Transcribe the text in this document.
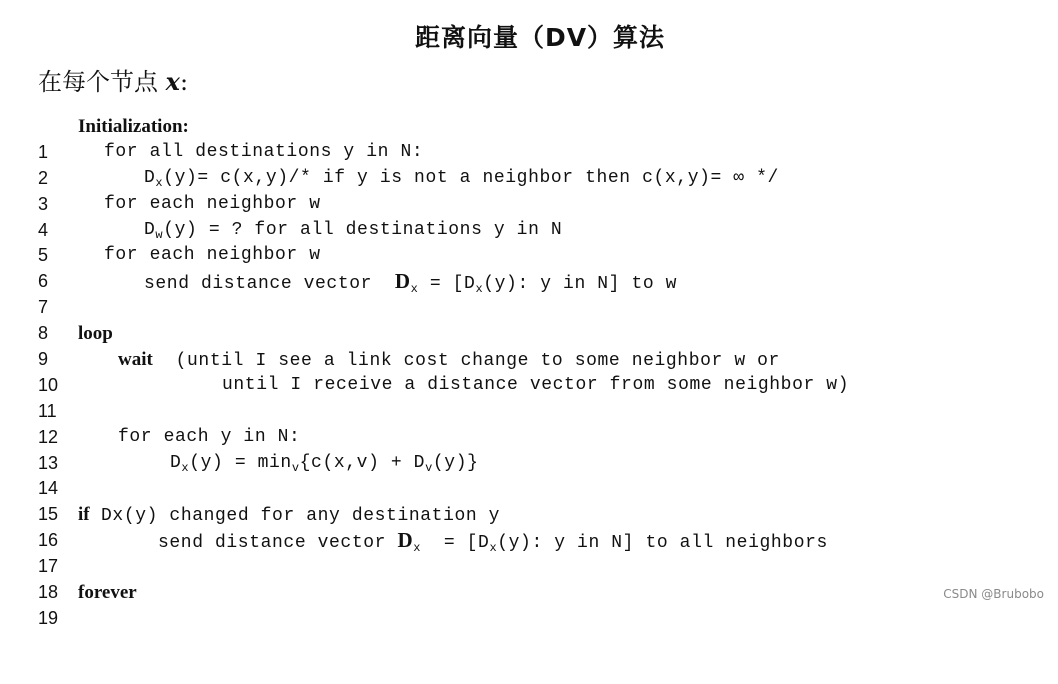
距离向量（DV）算法
在每个节点 x:

1

Initialization:

2

for all destinations y in N:

3

$D_x(y)= c(x,y)/*$ if y is not a neighbor then c(x,y)= ∞ */

4

for each neighbor w

5

$D_w(y)$ = ? for all destinations y in N

6

for each neighbor w

7

send distance vector  $D_x = [D_x(y)$: y in N] to w

8

9

loop

10

wait  (until I see a link cost change to some neighbor w or

11

until I receive a distance vector from some neighbor w)

12

13

for each y in N:

14

$D_x(y) = \min_v\{c(x,v) + D_v(y)\}$

15

16

if Dx(y) changed for any destination y

17

send distance vector $D_x = [D_x(y)$: y in N] to all neighbors

18

19

forever

	CSDN @Brubobo
